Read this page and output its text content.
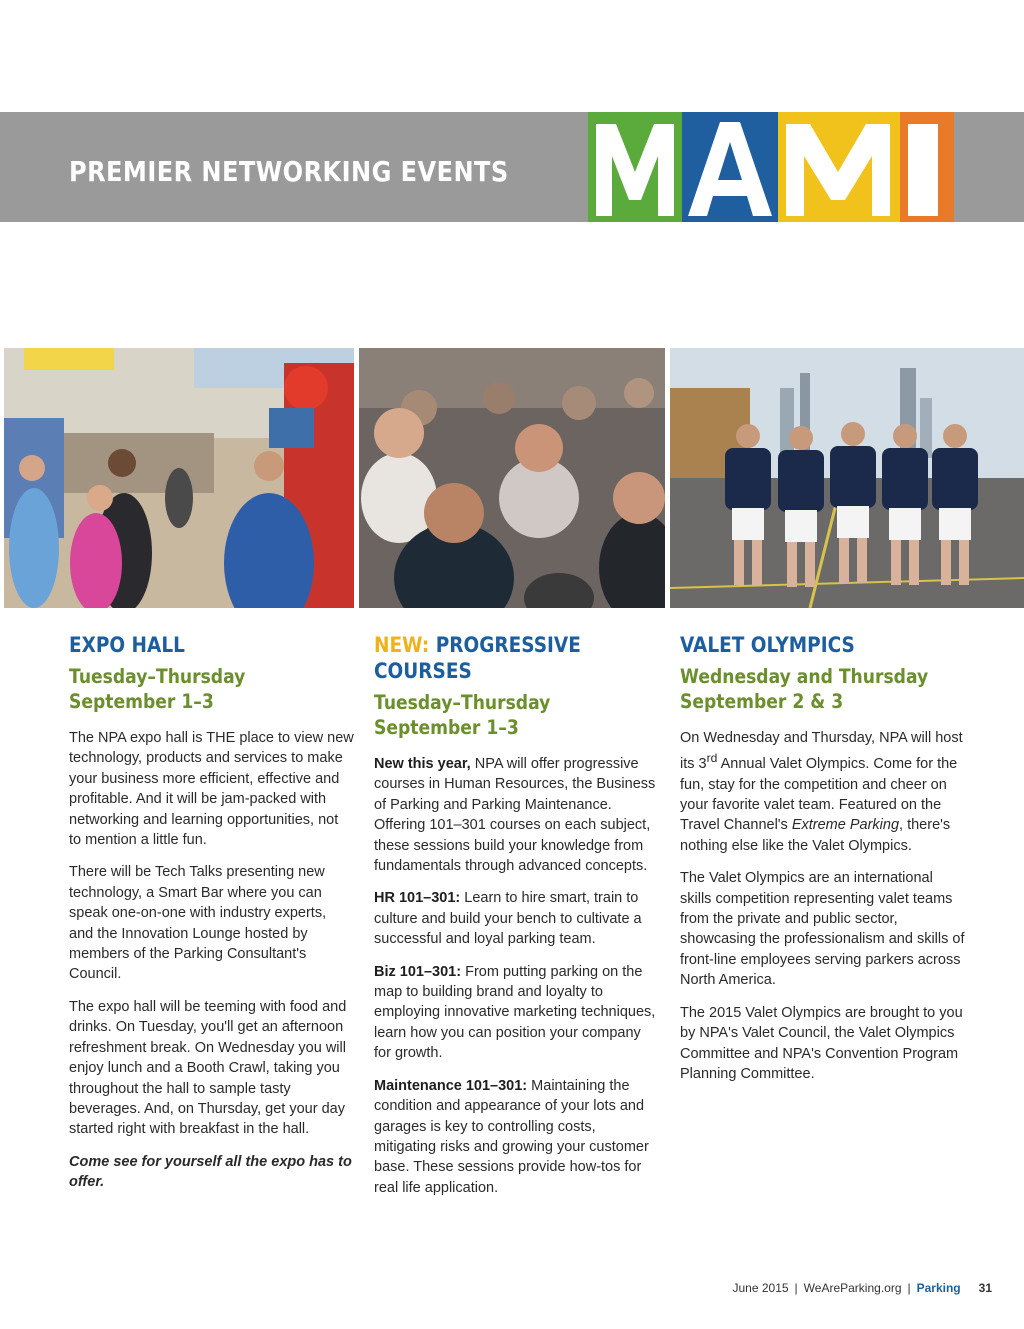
PREMIER NETWORKING EVENTS
EXPO HALL
Tuesday–Thursday
September 1–3

The NPA expo hall is THE place to view new technology, products and services to make your business more efficient, effective and profitable. And it will be jam-packed with networking and learning opportunities, not to mention a little fun.

There will be Tech Talks presenting new technology, a Smart Bar where you can speak one-on-one with industry experts, and the Innovation Lounge hosted by members of the Parking Consultant's Council.

The expo hall will be teeming with food and drinks. On Tuesday, you'll get an afternoon refreshment break. On Wednesday you will enjoy lunch and a Booth Crawl, taking you throughout the hall to sample tasty beverages. And, on Thursday, get your day started right with breakfast in the hall.

Come see for yourself all the expo has to offer.

NEW: PROGRESSIVE COURSES
Tuesday–Thursday
September 1–3

New this year, NPA will offer progressive courses in Human Resources, the Business of Parking and Parking Maintenance. Offering 101–301 courses on each subject, these sessions build your knowledge from fundamentals through advanced concepts.

HR 101–301: Learn to hire smart, train to culture and build your bench to cultivate a successful and loyal parking team.

Biz 101–301: From putting parking on the map to building brand and loyalty to employing innovative marketing techniques, learn how you can position your company for growth.

Maintenance 101–301: Maintaining the condition and appearance of your lots and garages is key to controlling costs, mitigating risks and growing your customer base. These sessions provide how-tos for real life application.

VALET OLYMPICS
Wednesday and Thursday
September 2 & 3

On Wednesday and Thursday, NPA will host its 3rd Annual Valet Olympics. Come for the fun, stay for the competition and cheer on your favorite valet team. Featured on the Travel Channel's Extreme Parking, there's nothing else like the Valet Olympics.

The Valet Olympics are an international skills competition representing valet teams from the private and public sector, showcasing the professionalism and skills of front-line employees serving parkers across North America.

The 2015 Valet Olympics are brought to you by NPA's Valet Council, the Valet Olympics Committee and NPA's Convention Program Planning Committee.

June 2015 | WeAreParking.org | Parking 31
